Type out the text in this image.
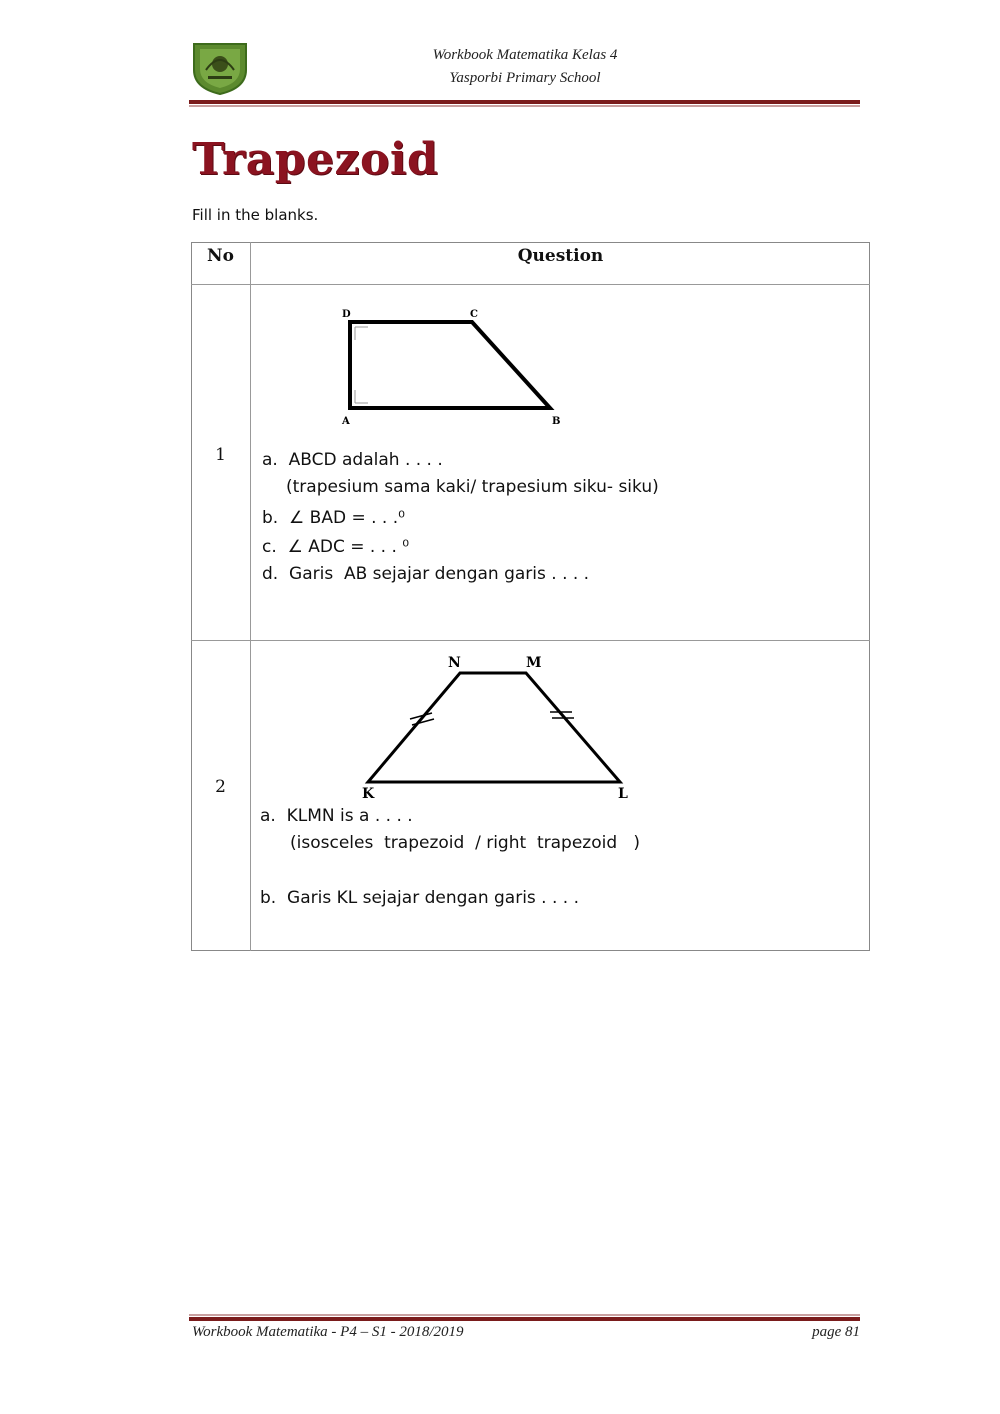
Workbook Matematika Kelas 4
Yasporbi Primary School
Trapezoid
Fill in the blanks.
No	Question
1
D	C
A	B
a. ABCD adalah . . . .
(trapesium sama kaki/ trapesium siku- siku)
b. ∠ BAD = . . .⁰
c. ∠ ADC = . . . ⁰
d. Garis  AB sejajar dengan garis . . . .
2
N	M
K	L
a. KLMN is a . . . .
(isosceles  trapezoid  / right  trapezoid   )
b. Garis KL sejajar dengan garis . . . .
Workbook Matematika - P4 – S1 - 2018/2019	page 81
